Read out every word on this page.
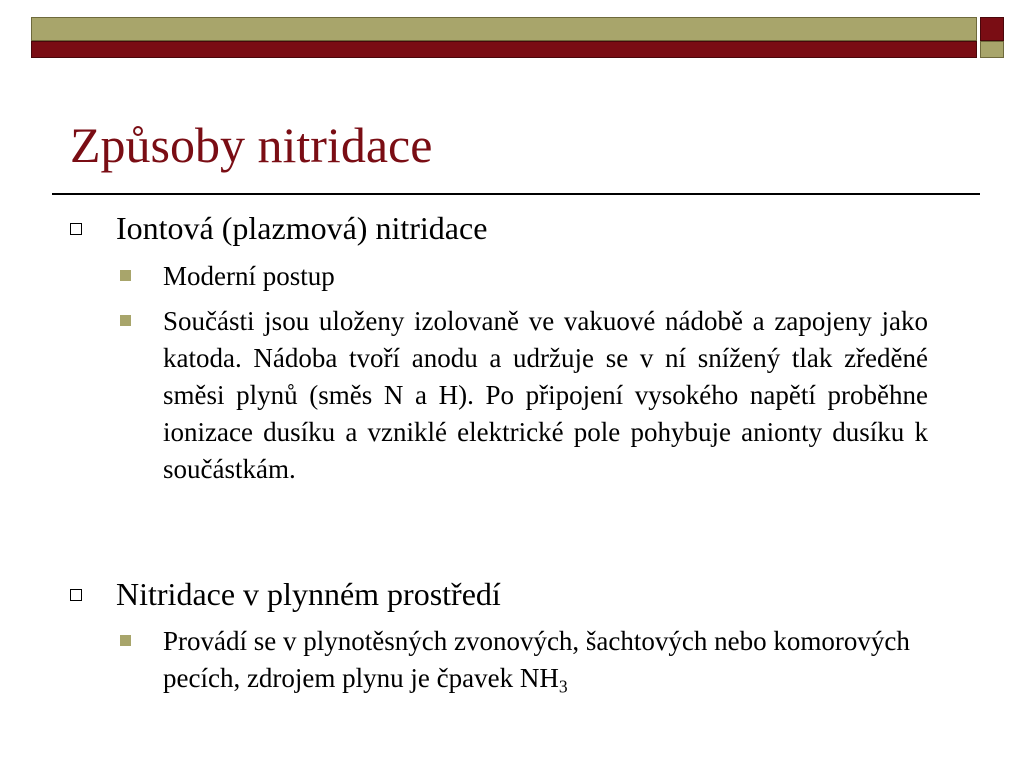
Způsoby nitridace
Iontová (plazmová) nitridace
Moderní postup
Součásti jsou uloženy izolovaně ve vakuové nádobě a zapojeny jako katoda. Nádoba tvoří anodu a udržuje se v ní snížený tlak zředěné směsi plynů (směs N a H). Po připojení vysokého napětí proběhne ionizace dusíku a vzniklé elektrické pole pohybuje anionty dusíku k součástkám.
Nitridace v plynném prostředí
Provádí se v plynotěsných zvonových, šachtových nebo komorových pecích, zdrojem plynu je čpavek $NH_3$
